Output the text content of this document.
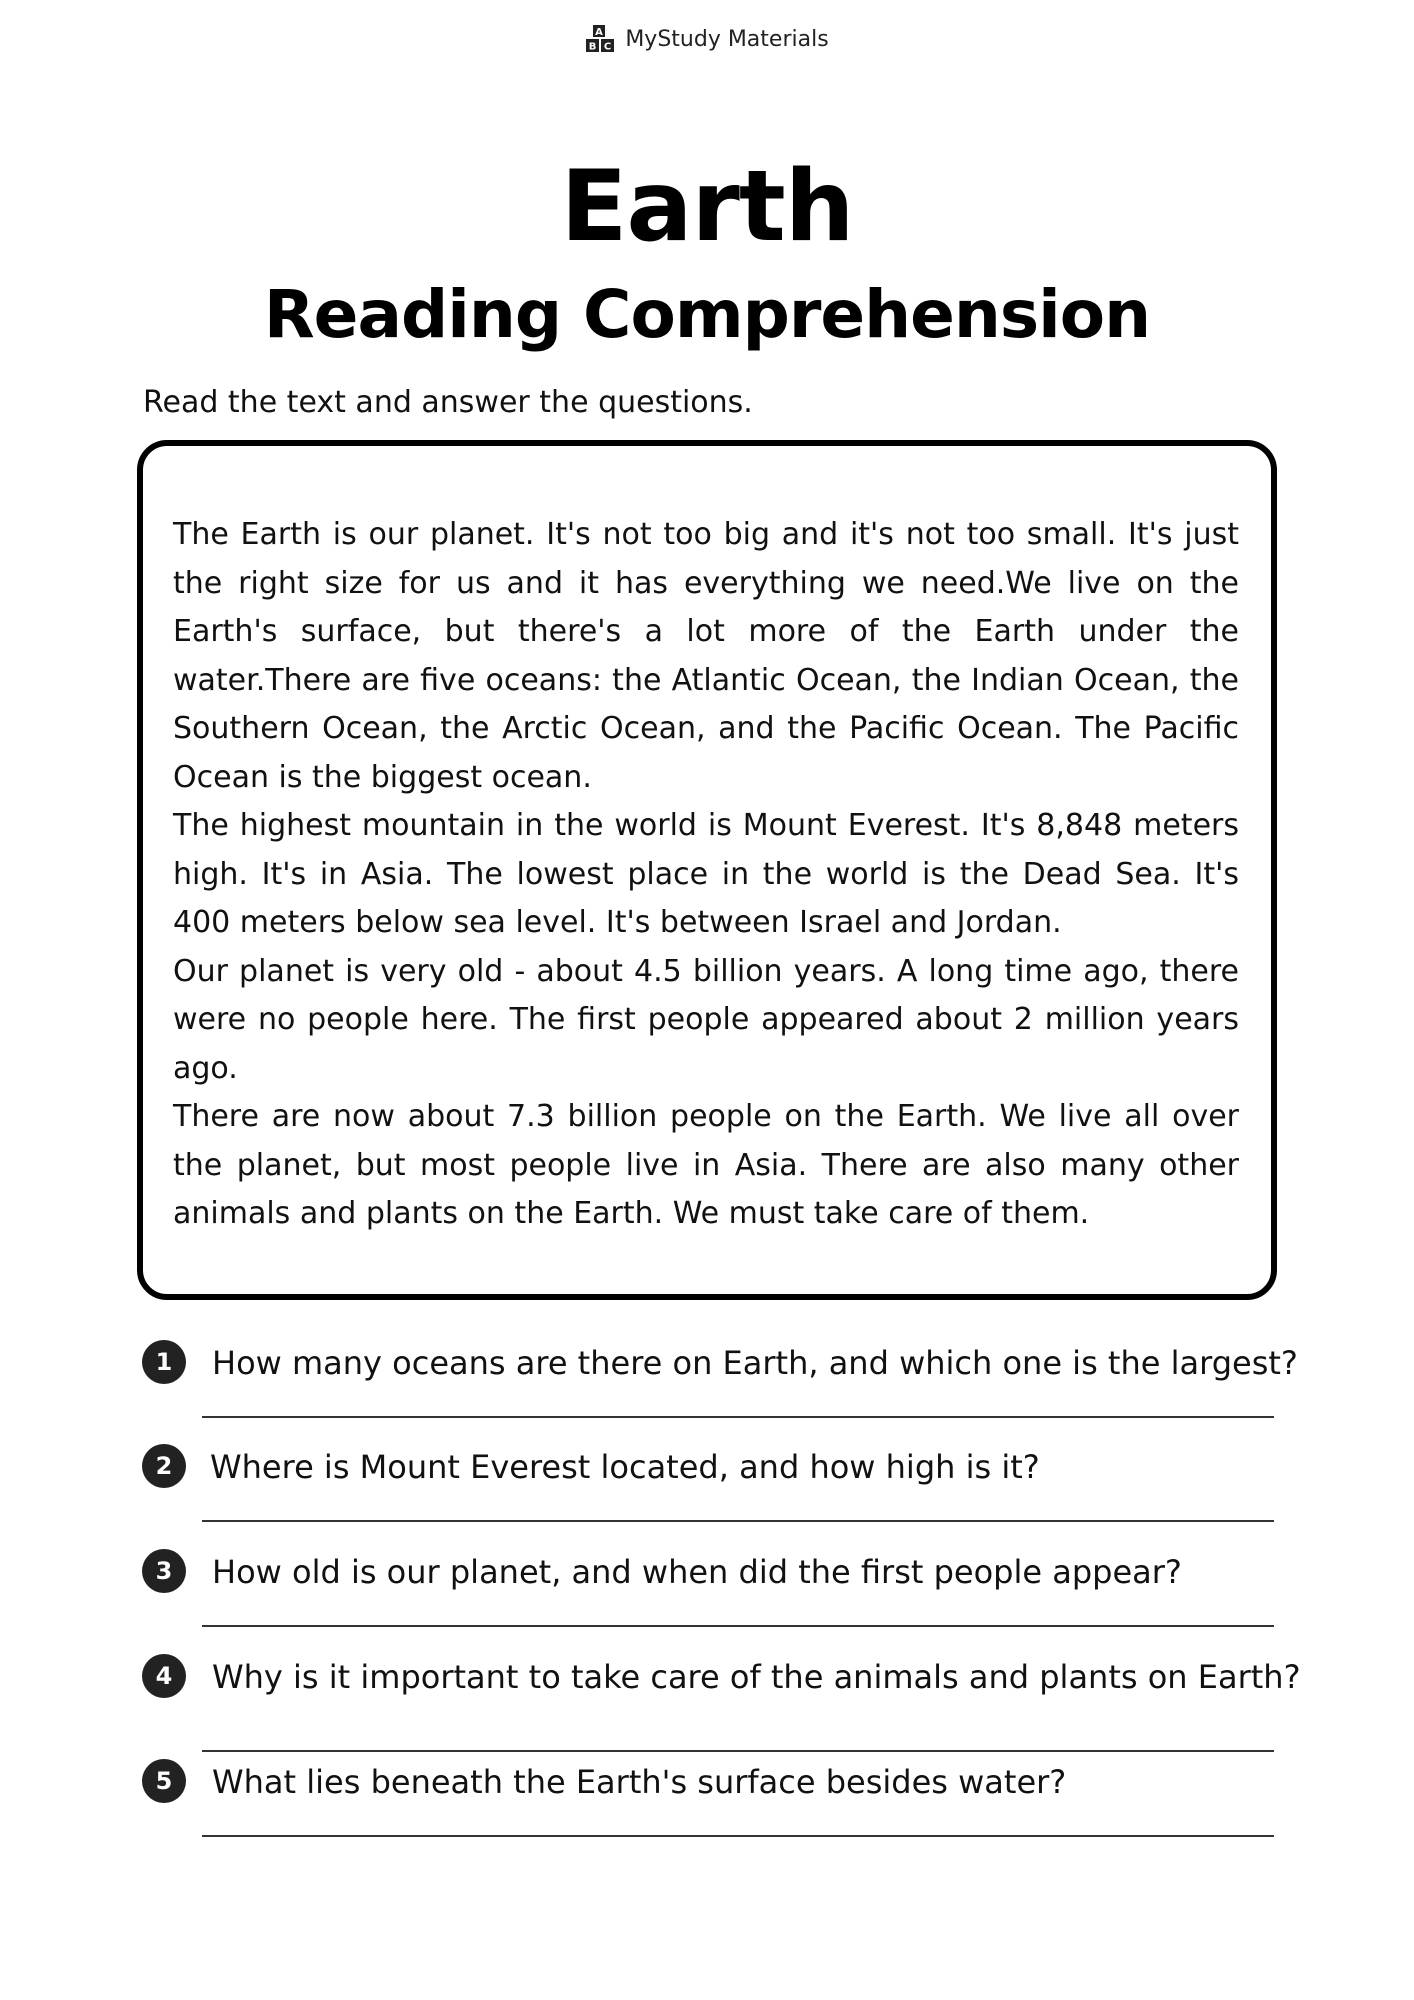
A
B C MyStudy Materials
Earth
Reading Comprehension
Read the text and answer the questions.

The Earth is our planet. It's not too big and it's not too small. It's just the right size for us and it has everything we need.We live on the Earth's surface, but there's a lot more of the Earth under the water.There are five oceans: the Atlantic Ocean, the Indian Ocean, the Southern Ocean, the Arctic Ocean, and the Pacific Ocean. The Pacific Ocean is the biggest ocean.

The highest mountain in the world is Mount Everest. It's 8,848 meters high. It's in Asia. The lowest place in the world is the Dead Sea. It's 400 meters below sea level. It's between Israel and Jordan.

Our planet is very old - about 4.5 billion years. A long time ago, there were no people here. The first people appeared about 2 million years ago.

There are now about 7.3 billion people on the Earth. We live all over the planet, but most people live in Asia. There are also many other animals and plants on the Earth. We must take care of them.

1	How many oceans are there on Earth, and which one is the largest?
2	Where is Mount Everest located, and how high is it?
3	How old is our planet, and when did the first people appear?
4	Why is it important to take care of the animals and plants on Earth?
5	What lies beneath the Earth's surface besides water?
